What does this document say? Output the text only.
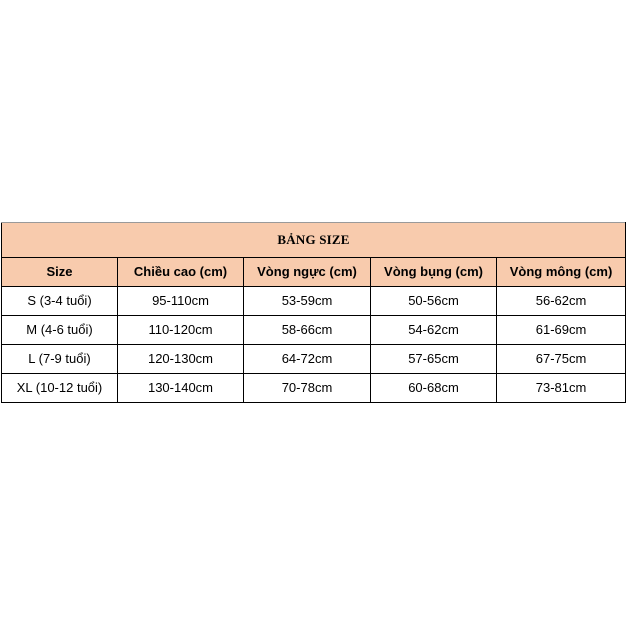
BẢNG SIZE				
Size	Chiều cao (cm)	Vòng ngực (cm)	Vòng bụng (cm)	Vòng mông (cm)
S (3-4 tuổi)	95-110cm	53-59cm	50-56cm	56-62cm
M (4-6 tuổi)	110-120cm	58-66cm	54-62cm	61-69cm
L (7-9 tuổi)	120-130cm	64-72cm	57-65cm	67-75cm
XL (10-12 tuổi)	130-140cm	70-78cm	60-68cm	73-81cm
